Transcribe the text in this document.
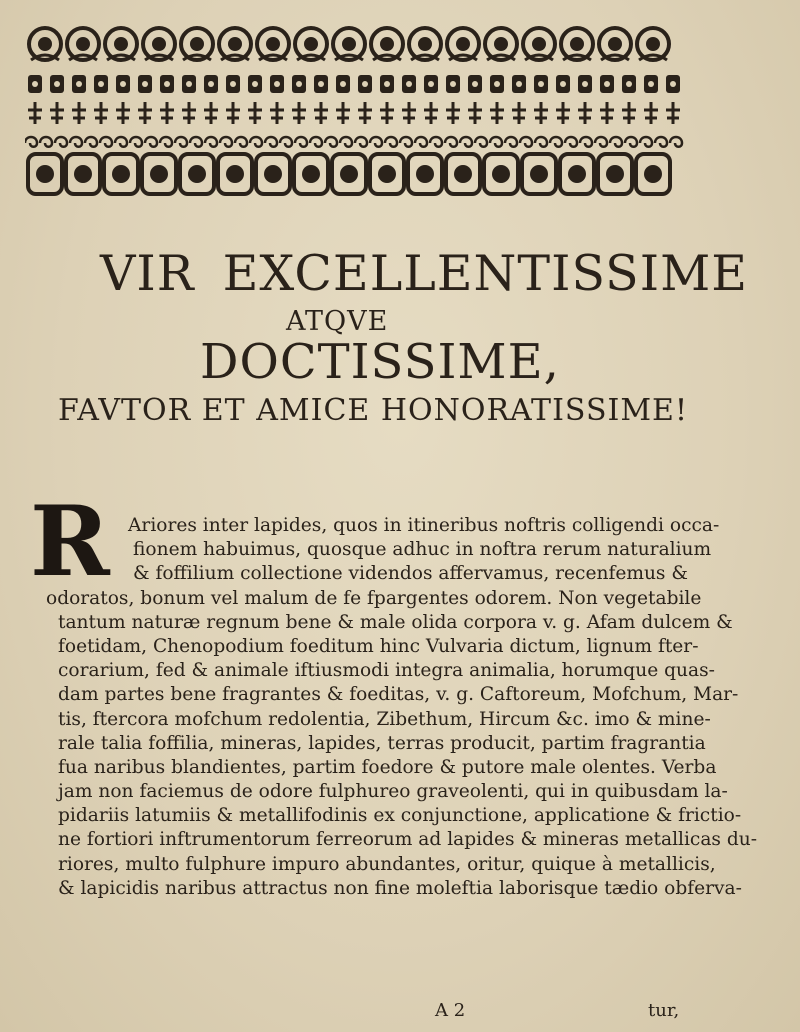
VIR EXCELLENTISSIME
ATQVE
DOCTISSIME,
FAVTOR ET AMICE HONORATISSIME!
R Ariores inter lapides, quos in itineribus noftris colligendi occa-
fionem habuimus, quosque adhuc in noftra rerum naturalium
& foffilium collectione videndos affervamus, recenfemus &
odoratos, bonum vel malum de fe fpargentes odorem. Non vegetabile
tantum naturæ regnum bene & male olida corpora v. g. Afam dulcem &
foetidam, Chenopodium foeditum hinc Vulvaria dictum, lignum fter-
corarium, fed & animale iftiusmodi integra animalia, horumque quas-
dam partes bene fragrantes & foeditas, v. g. Caftoreum, Mofchum, Mar-
tis, ftercora mofchum redolentia, Zibethum, Hircum &c. imo & mine-
rale talia foffilia, mineras, lapides, terras producit, partim fragrantia
fua naribus blandientes, partim foedore & putore male olentes. Verba
jam non faciemus de odore fulphureo graveolenti, qui in quibusdam la-
pidariis latumiis & metallifodinis ex conjunctione, applicatione & frictio-
ne fortiori inftrumentorum ferreorum ad lapides & mineras metallicas du-
riores, multo fulphure impuro abundantes, oritur, quique à metallicis,
& lapicidis naribus attractus non fine moleftia laborisque tædio obferva-
A 2	tur,
